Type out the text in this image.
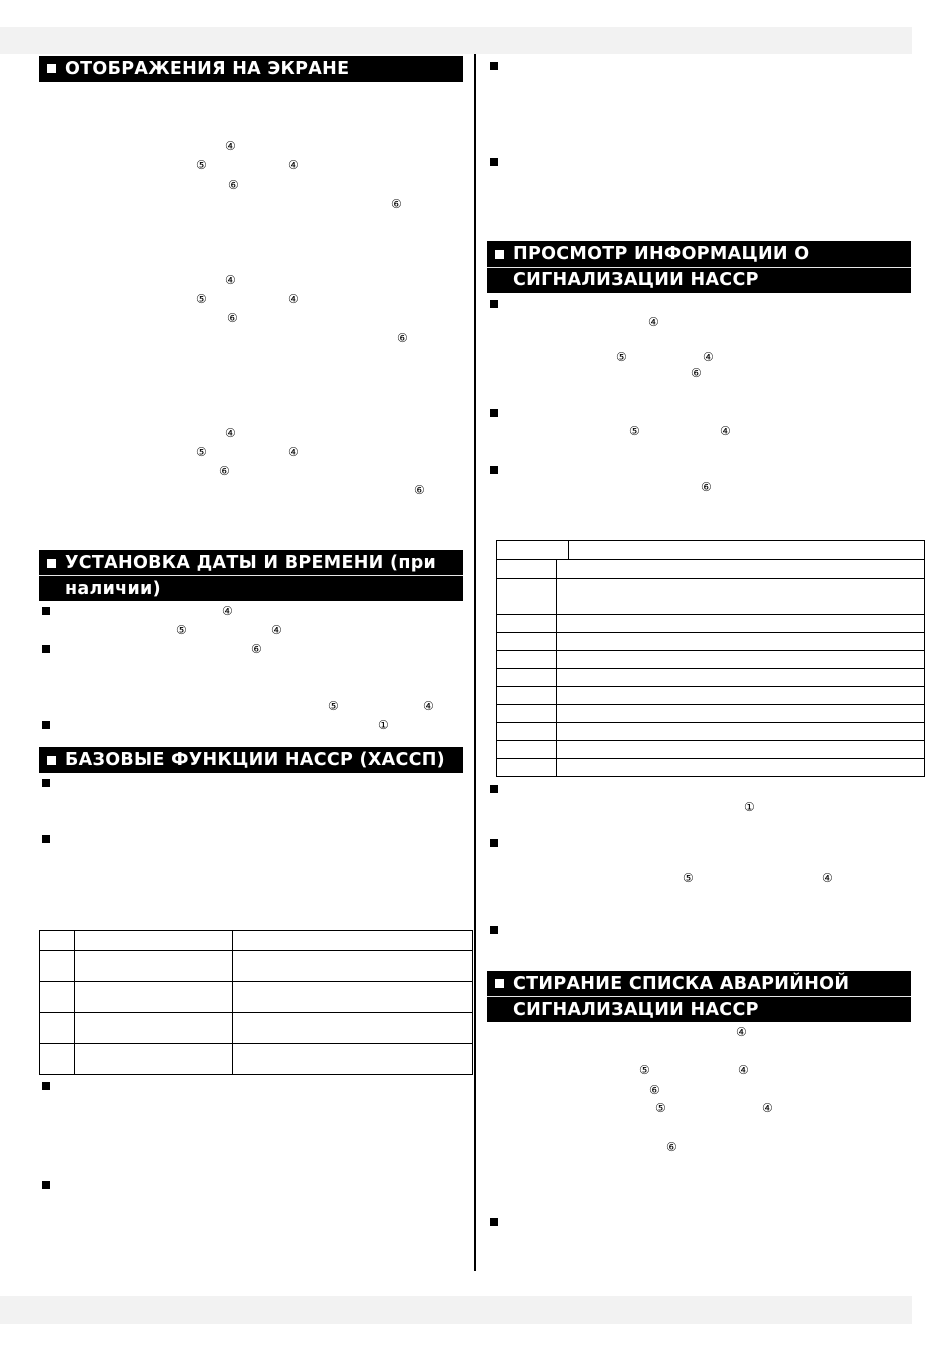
ОТОБРАЖЕНИЯ НА ЭКРАНЕ
④
⑤	④
⑥
⑥
④
⑤	④
⑥
⑥
④
⑤	④
⑥
⑥
УСТАНОВКА ДАТЫ И ВРЕМЕНИ (при
наличии)
④
⑤	④
⑥
⑤	④
①
БАЗОВЫЕ ФУНКЦИИ HACCP (ХАССП)

ПРОСМОТР ИНФОРМАЦИИ О
СИГНАЛИЗАЦИИ HACCP
④
⑤	④
⑥
⑤	④
⑥

①
⑤	④
СТИРАНИЕ СПИСКА АВАРИЙНОЙ
СИГНАЛИЗАЦИИ HACCP
④
⑤	④
⑥
⑤	④
⑥
